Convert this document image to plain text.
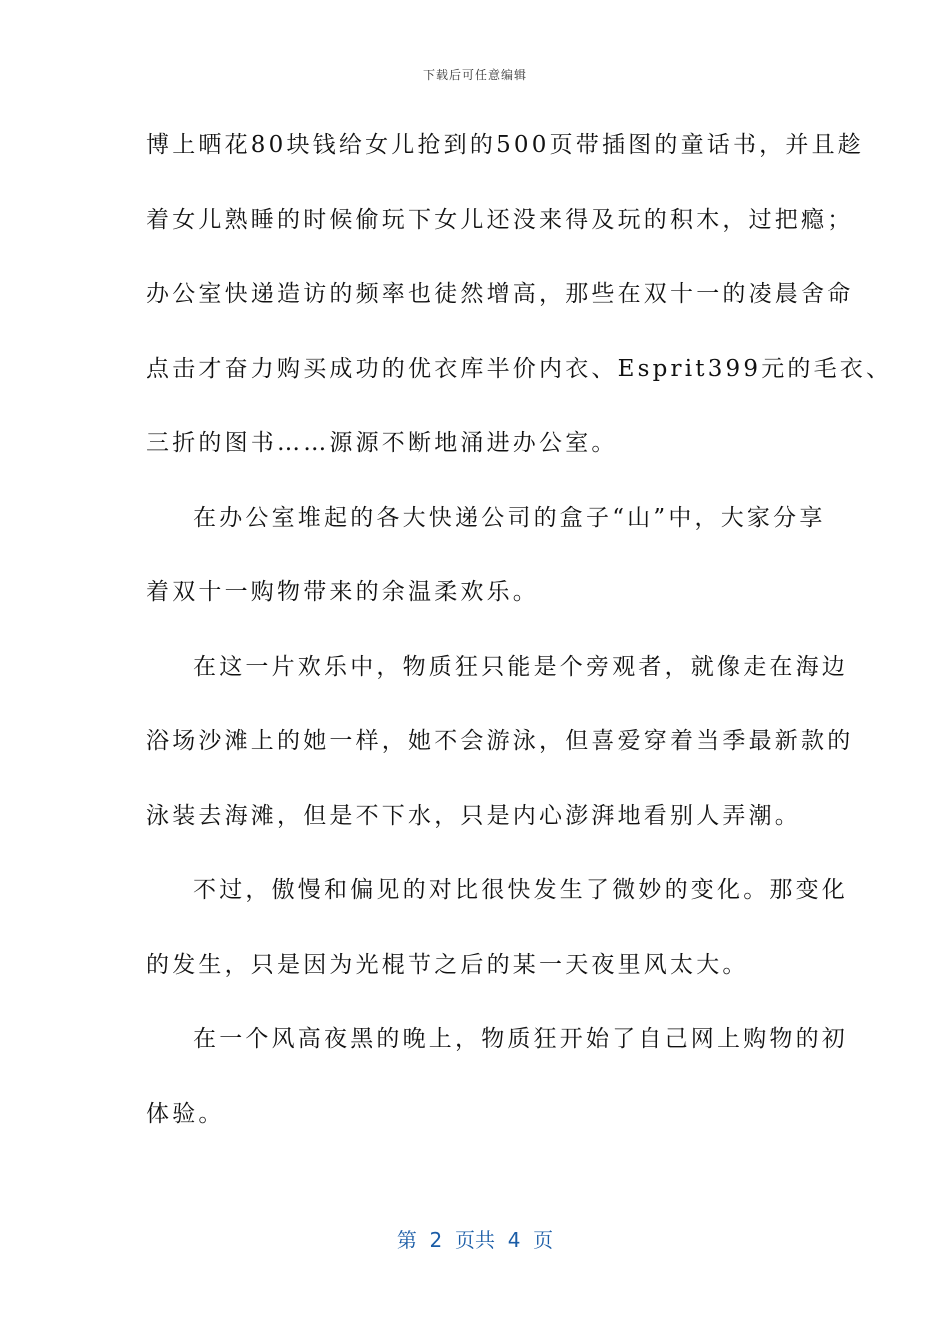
下载后可任意编辑
博上晒花80块钱给女儿抢到的500页带插图的童话书，并且趁
着女儿熟睡的时候偷玩下女儿还没来得及玩的积木，过把瘾；
办公室快递造访的频率也徒然增高，那些在双十一的凌晨舍命
点击才奋力购买成功的优衣库半价内衣、Esprit399元的毛衣、
三折的图书……源源不断地涌进办公室。
在办公室堆起的各大快递公司的盒子“山”中，大家分享
着双十一购物带来的余温柔欢乐。
在这一片欢乐中，物质狂只能是个旁观者，就像走在海边
浴场沙滩上的她一样，她不会游泳，但喜爱穿着当季最新款的
泳装去海滩，但是不下水，只是内心澎湃地看别人弄潮。
不过，傲慢和偏见的对比很快发生了微妙的变化。那变化
的发生，只是因为光棍节之后的某一天夜里风太大。
在一个风高夜黑的晚上，物质狂开始了自己网上购物的初
体验。
第  2  页共  4  页
